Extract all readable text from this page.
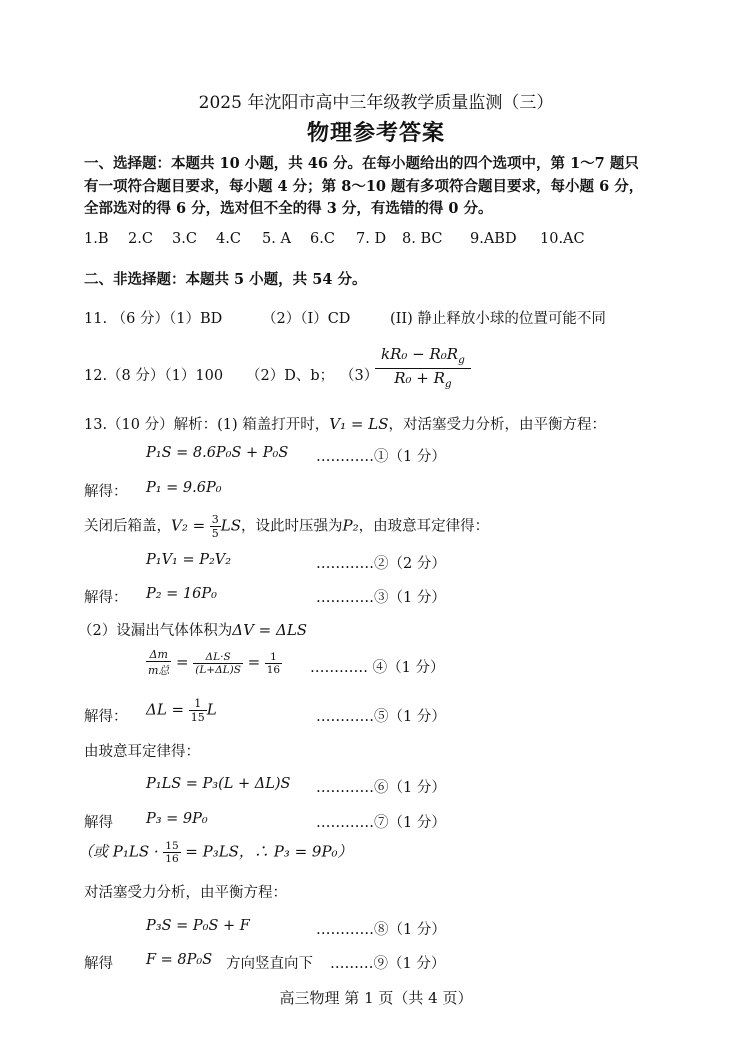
2025 年沈阳市高中三年级教学质量监测（三）
物理参考答案
一、选择题：本题共 10 小题，共 46 分。在每小题给出的四个选项中，第 1～7 题只
有一项符合题目要求，每小题 4 分；第 8～10 题有多项符合题目要求，每小题 6 分，
全部选对的得 6 分，选对但不全的得 3 分，有选错的得 0 分。
1.B 2.C 3.C 4.C 5. A 6.C 7. D 8. BC 9.ABD 10.AC
二、非选择题：本题共 5 小题，共 54 分。
11. （6 分）（1）BD	（2）（I）CD	(II) 静止释放小球的位置可能不同
12.（8 分）（1）100 （2）D、b； （3）
$\frac{kR_0 - R_0R_g}{R_0 + R_g}$
13.（10 分）解析：(1) 箱盖打开时，V₁ = LS，对活塞受力分析，由平衡方程：
P₁S = 8.6P₀S + P₀S …………①（1 分）
解得： P₁ = 9.6P₀
关闭后箱盖，$V_2 = \frac{3}{5}$ LS，设此时压强为P₂，由玻意耳定律得：
P₁V₁ = P₂V₂	…………②（2 分）
解得： P₂ = 16P₀	…………③（1 分）
（2）设漏出气体体积为ΔV = ΔLS
$\frac{\Delta m}{\text{m总}} = \frac{\Delta L\cdot S}{(L+\Delta L)S} = \frac{1}{16}$ ………… ④（1 分）
解得： $\Delta L = \frac{1}{15}$ L	…………⑤（1 分）
由玻意耳定律得：
P₁LS = P₃(L + ΔL)S …………⑥（1 分）
解得 P₃ = 9P₀	…………⑦（1 分）
（或 $P_1LS \cdot \frac{15}{16} = P_3LS$，∴ P₃ = 9P₀）
对活塞受力分析，由平衡方程：
P₃S = P₀S + F	…………⑧（1 分）
解得 F = 8P₀S 方向竖直向下 ………⑨（1 分）
高三物理 第 1 页（共 4 页）
